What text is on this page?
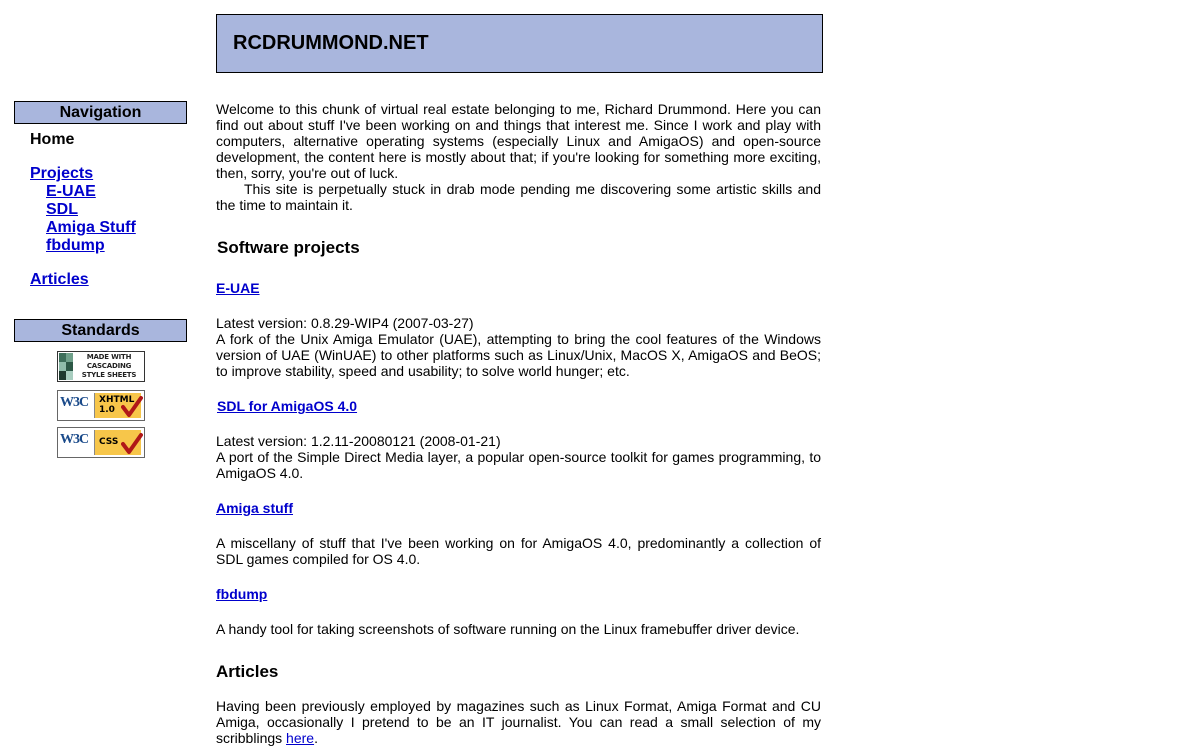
RCDRUMMOND.NET
Navigation
Home
Projects
E-UAE
SDL
Amiga Stuff
fbdump
Articles
Standards
MADE WITH
CASCADING
STYLE SHEETS
W3C XHTML
1.0
W3C CSS

Welcome to this chunk of virtual real estate belonging to me, Richard Drummond. Here you can find out about stuff I've been working on and things that interest me. Since I work and play with computers, alternative operating systems (especially Linux and AmigaOS) and open-source development, the content here is mostly about that; if you're looking for something more exciting, then, sorry, you're out of luck.

This site is perpetually stuck in drab mode pending me discovering some artistic skills and the time to maintain it.

Software projects
E-UAE

Latest version: 0.8.29-WIP4 (2007-03-27)

A fork of the Unix Amiga Emulator (UAE), attempting to bring the cool features of the Windows version of UAE (WinUAE) to other platforms such as Linux/Unix, MacOS X, AmigaOS and BeOS; to improve stability, speed and usability; to solve world hunger; etc.

SDL for AmigaOS 4.0

Latest version: 1.2.11-20080121 (2008-01-21)

A port of the Simple Direct Media layer, a popular open-source toolkit for games programming, to AmigaOS 4.0.

Amiga stuff

A miscellany of stuff that I've been working on for AmigaOS 4.0, predominantly a collection of SDL games compiled for OS 4.0.

fbdump

A handy tool for taking screenshots of software running on the Linux framebuffer driver device.

Articles

Having been previously employed by magazines such as Linux Format, Amiga Format and CU Amiga, occasionally I pretend to be an IT journalist. You can read a small selection of my scribblings here.
